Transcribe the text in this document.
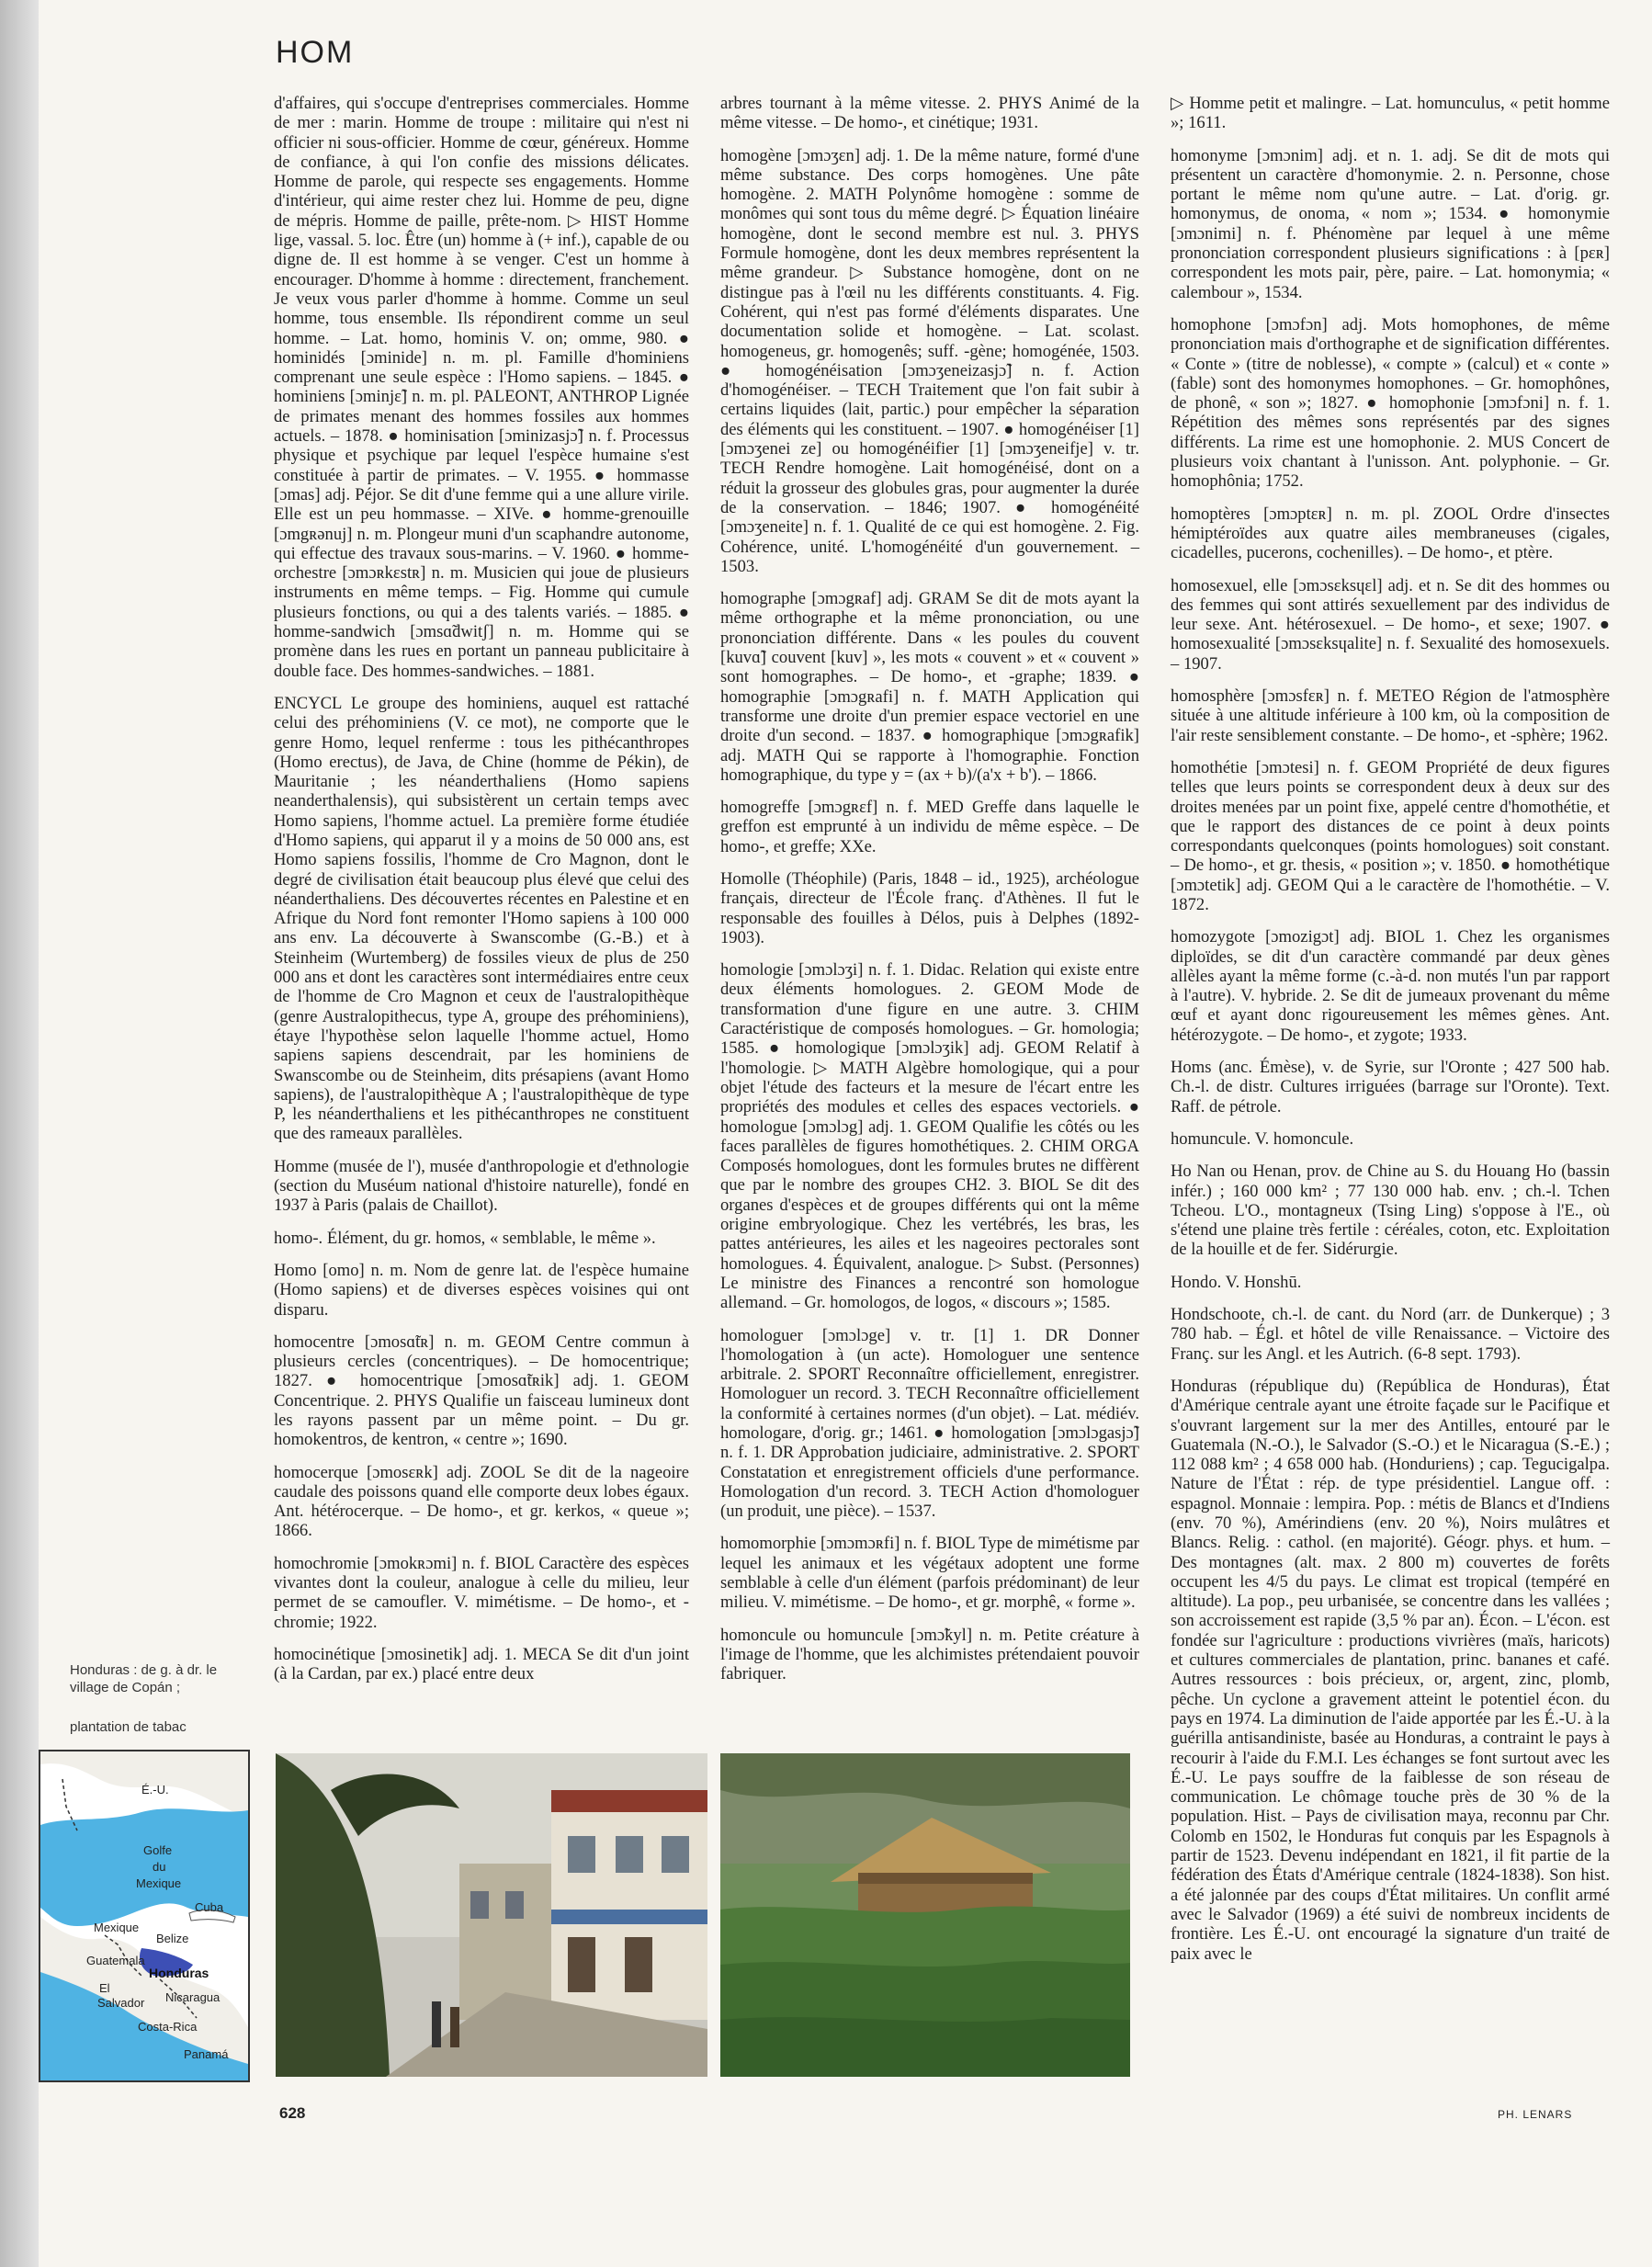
HOM

d'affaires, qui s'occupe d'entreprises commerciales. Homme de mer : marin. Homme de troupe : militaire qui n'est ni officier ni sous-officier. Homme de cœur, généreux. Homme de confiance, à qui l'on confie des missions délicates. Homme de parole, qui respecte ses engagements. Homme d'intérieur, qui aime rester chez lui. Homme de peu, digne de mépris. Homme de paille, prête-nom. ▷ HIST Homme lige, vassal. 5. loc. Être (un) homme à (+ inf.), capable de ou digne de. Il est homme à se venger. C'est un homme à encourager. D'homme à homme : directement, franchement. Je veux vous parler d'homme à homme. Comme un seul homme, tous ensemble. Ils répondirent comme un seul homme. – Lat. homo, hominis V. on; omme, 980. ● hominidés [ɔminide] n. m. pl. Famille d'hominiens comprenant une seule espèce : l'Homo sapiens. – 1845. ● hominiens [ɔminjɛ̃] n. m. pl. PALEONT, ANTHROP Lignée de primates menant des hommes fossiles aux hommes actuels. – 1878. ● hominisation [ɔminizasjɔ̃] n. f. Processus physique et psychique par lequel l'espèce humaine s'est constituée à partir de primates. – V. 1955. ● hommasse [ɔmas] adj. Péjor. Se dit d'une femme qui a une allure virile. Elle est un peu hommasse. – XIVe. ● homme-grenouille [ɔmgʀənuj] n. m. Plongeur muni d'un scaphandre autonome, qui effectue des travaux sous-marins. – V. 1960. ● homme-orchestre [ɔmɔʀkɛstʀ] n. m. Musicien qui joue de plusieurs instruments en même temps. – Fig. Homme qui cumule plusieurs fonctions, ou qui a des talents variés. – 1885. ● homme-sandwich [ɔmsɑ̃dwitʃ] n. m. Homme qui se promène dans les rues en portant un panneau publicitaire à double face. Des hommes-sandwiches. – 1881.

ENCYCL Le groupe des hominiens, auquel est rattaché celui des préhominiens (V. ce mot), ne comporte que le genre Homo, lequel renferme : tous les pithécanthropes (Homo erectus), de Java, de Chine (homme de Pékin), de Mauritanie ; les néanderthaliens (Homo sapiens neanderthalensis), qui subsistèrent un certain temps avec Homo sapiens, l'homme actuel. La première forme étudiée d'Homo sapiens, qui apparut il y a moins de 50 000 ans, est Homo sapiens fossilis, l'homme de Cro Magnon, dont le degré de civilisation était beaucoup plus élevé que celui des néanderthaliens. Des découvertes récentes en Palestine et en Afrique du Nord font remonter l'Homo sapiens à 100 000 ans env. La découverte à Swanscombe (G.-B.) et à Steinheim (Wurtemberg) de fossiles vieux de plus de 250 000 ans et dont les caractères sont intermédiaires entre ceux de l'homme de Cro Magnon et ceux de l'australopithèque (genre Australopithecus, type A, groupe des préhominiens), étaye l'hypothèse selon laquelle l'homme actuel, Homo sapiens sapiens descendrait, par les hominiens de Swanscombe ou de Steinheim, dits présapiens (avant Homo sapiens), de l'australopithèque A ; l'australopithèque de type P, les néanderthaliens et les pithécanthropes ne constituent que des rameaux parallèles.

Homme (musée de l'), musée d'anthropologie et d'ethnologie (section du Muséum national d'histoire naturelle), fondé en 1937 à Paris (palais de Chaillot).

homo-. Élément, du gr. homos, « semblable, le même ».

Homo [omo] n. m. Nom de genre lat. de l'espèce humaine (Homo sapiens) et de diverses espèces voisines qui ont disparu.

homocentre [ɔmosɑ̃tʀ] n. m. GEOM Centre commun à plusieurs cercles (concentriques). – De homocentrique; 1827. ● homocentrique [ɔmosɑ̃tʀik] adj. 1. GEOM Concentrique. 2. PHYS Qualifie un faisceau lumineux dont les rayons passent par un même point. – Du gr. homokentros, de kentron, « centre »; 1690.

homocerque [ɔmosɛʀk] adj. ZOOL Se dit de la nageoire caudale des poissons quand elle comporte deux lobes égaux. Ant. hétérocerque. – De homo-, et gr. kerkos, « queue »; 1866.

homochromie [ɔmokʀɔmi] n. f. BIOL Caractère des espèces vivantes dont la couleur, analogue à celle du milieu, leur permet de se camoufler. V. mimétisme. – De homo-, et -chromie; 1922.

homocinétique [ɔmosinetik] adj. 1. MECA Se dit d'un joint (à la Cardan, par ex.) placé entre deux

arbres tournant à la même vitesse. 2. PHYS Animé de la même vitesse. – De homo-, et cinétique; 1931.

homogène [ɔmɔʒɛn] adj. 1. De la même nature, formé d'une même substance. Des corps homogènes. Une pâte homogène. 2. MATH Polynôme homogène : somme de monômes qui sont tous du même degré. ▷ Équation linéaire homogène, dont le second membre est nul. 3. PHYS Formule homogène, dont les deux membres représentent la même grandeur. ▷ Substance homogène, dont on ne distingue pas à l'œil nu les différents constituants. 4. Fig. Cohérent, qui n'est pas formé d'éléments disparates. Une documentation solide et homogène. – Lat. scolast. homogeneus, gr. homogenês; suff. -gène; homogénée, 1503. ● homogénéisation [ɔmɔʒeneizasjɔ̃] n. f. Action d'homogénéiser. – TECH Traitement que l'on fait subir à certains liquides (lait, partic.) pour empêcher la séparation des éléments qui les constituent. – 1907. ● homogénéiser [1] [ɔmɔʒenei ze] ou homogénéifier [1] [ɔmɔʒeneifje] v. tr. TECH Rendre homogène. Lait homogénéisé, dont on a réduit la grosseur des globules gras, pour augmenter la durée de la conservation. – 1846; 1907. ● homogénéité [ɔmɔʒeneite] n. f. 1. Qualité de ce qui est homogène. 2. Fig. Cohérence, unité. L'homogénéité d'un gouvernement. – 1503.

homographe [ɔmɔgʀaf] adj. GRAM Se dit de mots ayant la même orthographe et la même prononciation, ou une prononciation différente. Dans « les poules du couvent [kuvɑ̃] couvent [kuv] », les mots « couvent » et « couvent » sont homographes. – De homo-, et -graphe; 1839. ● homographie [ɔmɔgʀafi] n. f. MATH Application qui transforme une droite d'un premier espace vectoriel en une droite d'un second. – 1837. ● homographique [ɔmɔgʀafik] adj. MATH Qui se rapporte à l'homographie. Fonction homographique, du type y = (ax + b)/(a'x + b'). – 1866.

homogreffe [ɔmɔgʀɛf] n. f. MED Greffe dans laquelle le greffon est emprunté à un individu de même espèce. – De homo-, et greffe; XXe.

Homolle (Théophile) (Paris, 1848 – id., 1925), archéologue français, directeur de l'École franç. d'Athènes. Il fut le responsable des fouilles à Délos, puis à Delphes (1892-1903).

homologie [ɔmɔlɔʒi] n. f. 1. Didac. Relation qui existe entre deux éléments homologues. 2. GEOM Mode de transformation d'une figure en une autre. 3. CHIM Caractéristique de composés homologues. – Gr. homologia; 1585. ● homologique [ɔmɔlɔʒik] adj. GEOM Relatif à l'homologie. ▷ MATH Algèbre homologique, qui a pour objet l'étude des facteurs et la mesure de l'écart entre les propriétés des modules et celles des espaces vectoriels. ● homologue [ɔmɔlɔg] adj. 1. GEOM Qualifie les côtés ou les faces parallèles de figures homothétiques. 2. CHIM ORGA Composés homologues, dont les formules brutes ne diffèrent que par le nombre des groupes CH2. 3. BIOL Se dit des organes d'espèces et de groupes différents qui ont la même origine embryologique. Chez les vertébrés, les bras, les pattes antérieures, les ailes et les nageoires pectorales sont homologues. 4. Équivalent, analogue. ▷ Subst. (Personnes) Le ministre des Finances a rencontré son homologue allemand. – Gr. homologos, de logos, « discours »; 1585.

homologuer [ɔmɔlɔge] v. tr. [1] 1. DR Donner l'homologation à (un acte). Homologuer une sentence arbitrale. 2. SPORT Reconnaître officiellement, enregistrer. Homologuer un record. 3. TECH Reconnaître officiellement la conformité à certaines normes (d'un objet). – Lat. médiév. homologare, d'orig. gr.; 1461. ● homologation [ɔmɔlɔgasjɔ̃] n. f. 1. DR Approbation judiciaire, administrative. 2. SPORT Constatation et enregistrement officiels d'une performance. Homologation d'un record. 3. TECH Action d'homologuer (un produit, une pièce). – 1537.

homomorphie [ɔmɔmɔʀfi] n. f. BIOL Type de mimétisme par lequel les animaux et les végétaux adoptent une forme semblable à celle d'un élément (parfois prédominant) de leur milieu. V. mimétisme. – De homo-, et gr. morphê, « forme ».

homoncule ou homuncule [ɔmɔ̃kyl] n. m. Petite créature à l'image de l'homme, que les alchimistes prétendaient pouvoir fabriquer.

▷ Homme petit et malingre. – Lat. homunculus, « petit homme »; 1611.

homonyme [ɔmɔnim] adj. et n. 1. adj. Se dit de mots qui présentent un caractère d'homonymie. 2. n. Personne, chose portant le même nom qu'une autre. – Lat. d'orig. gr. homonymus, de onoma, « nom »; 1534. ● homonymie [ɔmɔnimi] n. f. Phénomène par lequel à une même prononciation correspondent plusieurs significations : à [pɛʀ] correspondent les mots pair, père, paire. – Lat. homonymia; « calembour », 1534.

homophone [ɔmɔfɔn] adj. Mots homophones, de même prononciation mais d'orthographe et de signification différentes. « Conte » (titre de noblesse), « compte » (calcul) et « conte » (fable) sont des homonymes homophones. – Gr. homophônes, de phonê, « son »; 1827. ● homophonie [ɔmɔfɔni] n. f. 1. Répétition des mêmes sons représentés par des signes différents. La rime est une homophonie. 2. MUS Concert de plusieurs voix chantant à l'unisson. Ant. polyphonie. – Gr. homophônia; 1752.

homoptères [ɔmɔptɛʀ] n. m. pl. ZOOL Ordre d'insectes hémiptéroïdes aux quatre ailes membraneuses (cigales, cicadelles, pucerons, cochenilles). – De homo-, et ptère.

homosexuel, elle [ɔmɔsɛksɥɛl] adj. et n. Se dit des hommes ou des femmes qui sont attirés sexuellement par des individus de leur sexe. Ant. hétérosexuel. – De homo-, et sexe; 1907. ● homosexualité [ɔmɔsɛksɥalite] n. f. Sexualité des homosexuels. – 1907.

homosphère [ɔmɔsfɛʀ] n. f. METEO Région de l'atmosphère située à une altitude inférieure à 100 km, où la composition de l'air reste sensiblement constante. – De homo-, et -sphère; 1962.

homothétie [ɔmɔtesi] n. f. GEOM Propriété de deux figures telles que leurs points se correspondent deux à deux sur des droites menées par un point fixe, appelé centre d'homothétie, et que le rapport des distances de ce point à deux points correspondants quelconques (points homologues) soit constant. – De homo-, et gr. thesis, « position »; v. 1850. ● homothétique [ɔmɔtetik] adj. GEOM Qui a le caractère de l'homothétie. – V. 1872.

homozygote [ɔmozigɔt] adj. BIOL 1. Chez les organismes diploïdes, se dit d'un caractère commandé par deux gènes allèles ayant la même forme (c.-à-d. non mutés l'un par rapport à l'autre). V. hybride. 2. Se dit de jumeaux provenant du même œuf et ayant donc rigoureusement les mêmes gènes. Ant. hétérozygote. – De homo-, et zygote; 1933.

Homs (anc. Émèse), v. de Syrie, sur l'Oronte ; 427 500 hab. Ch.-l. de distr. Cultures irriguées (barrage sur l'Oronte). Text. Raff. de pétrole.

homuncule. V. homoncule.

Ho Nan ou Henan, prov. de Chine au S. du Houang Ho (bassin infér.) ; 160 000 km² ; 77 130 000 hab. env. ; ch.-l. Tchen Tcheou. L'O., montagneux (Tsing Ling) s'oppose à l'E., où s'étend une plaine très fertile : céréales, coton, etc. Exploitation de la houille et de fer. Sidérurgie.

Hondo. V. Honshū.

Hondschoote, ch.-l. de cant. du Nord (arr. de Dunkerque) ; 3 780 hab. – Égl. et hôtel de ville Renaissance. – Victoire des Franç. sur les Angl. et les Autrich. (6-8 sept. 1793).

Honduras (république du) (República de Honduras), État d'Amérique centrale ayant une étroite façade sur le Pacifique et s'ouvrant largement sur la mer des Antilles, entouré par le Guatemala (N.-O.), le Salvador (S.-O.) et le Nicaragua (S.-E.) ; 112 088 km² ; 4 658 000 hab. (Honduriens) ; cap. Tegucigalpa. Nature de l'État : rép. de type présidentiel. Langue off. : espagnol. Monnaie : lempira. Pop. : métis de Blancs et d'Indiens (env. 70 %), Amérindiens (env. 20 %), Noirs mulâtres et Blancs. Relig. : cathol. (en majorité). Géogr. phys. et hum. – Des montagnes (alt. max. 2 800 m) couvertes de forêts occupent les 4/5 du pays. Le climat est tropical (tempéré en altitude). La pop., peu urbanisée, se concentre dans les vallées ; son accroissement est rapide (3,5 % par an). Écon. – L'écon. est fondée sur l'agriculture : productions vivrières (maïs, haricots) et cultures commerciales de plantation, princ. bananes et café. Autres ressources : bois précieux, or, argent, zinc, plomb, pêche. Un cyclone a gravement atteint le potentiel écon. du pays en 1974. La diminution de l'aide apportée par les É.-U. à la guérilla antisandiniste, basée au Honduras, a contraint le pays à recourir à l'aide du F.M.I. Les échanges se font surtout avec les É.-U. Le pays souffre de la faiblesse de son réseau de communication. Le chômage touche près de 30 % de la population. Hist. – Pays de civilisation maya, reconnu par Chr. Colomb en 1502, le Honduras fut conquis par les Espagnols à partir de 1523. Devenu indépendant en 1821, il fit partie de la fédération des États d'Amérique centrale (1824-1838). Son hist. a été jalonnée par des coups d'État militaires. Un conflit armé avec le Salvador (1969) a été suivi de nombreux incidents de frontière. Les É.-U. ont encouragé la signature d'un traité de paix avec le

Honduras : de g. à dr. le village de Copán ;
plantation de tabac
É.-U.
Golfe
du
Mexique
Mexique
Cuba
Belize
Guatemala
Honduras
El
Salvador Nicaragua
Costa-Rica
Panamá
628	PH. LENARS
